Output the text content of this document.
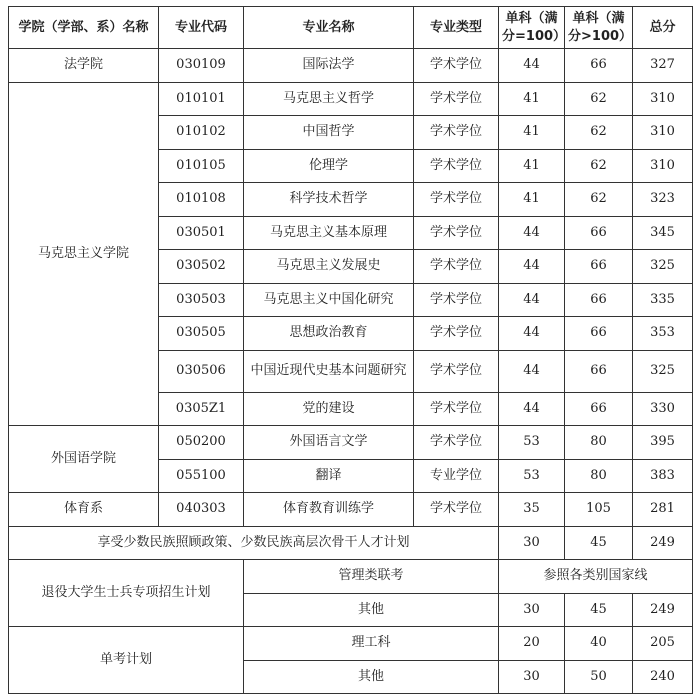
学院（学部、系）名称	专业代码	专业名称	专业类型	单科（满分=100）	单科（满分>100）	总分
法学院	030109	国际法学	学术学位	44	66	327
马克思主义学院	010101	马克思主义哲学	学术学位	41	62	310
	010102	中国哲学	学术学位	41	62	310
	010105	伦理学	学术学位	41	62	310
	010108	科学技术哲学	学术学位	41	62	323
	030501	马克思主义基本原理	学术学位	44	66	345
	030502	马克思主义发展史	学术学位	44	66	325
	030503	马克思主义中国化研究	学术学位	44	66	335
	030505	思想政治教育	学术学位	44	66	353
	030506	中国近现代史基本问题研究	学术学位	44	66	325
	0305Z1	党的建设	学术学位	44	66	330
外国语学院	050200	外国语言文学	学术学位	53	80	395
	055100	翻译	专业学位	53	80	383
体育系	040303	体育教育训练学	学术学位	35	105	281
享受少数民族照顾政策、少数民族高层次骨干人才计划				30	45	249
退役大学生士兵专项招生计划		管理类联考		参照各类别国家线		
		其他		30	45	249
单考计划		理工科		20	40	205
		其他		30	50	240
